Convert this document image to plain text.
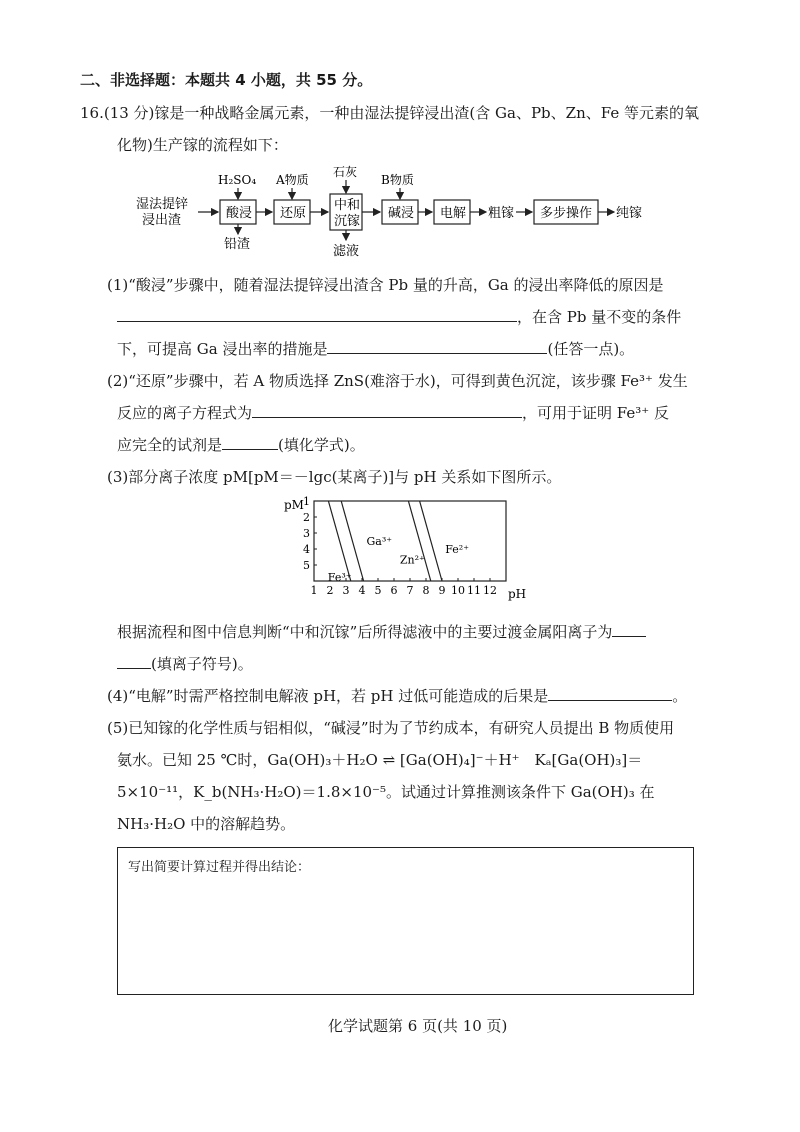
二、非选择题：本题共 4 小题，共 55 分。
16.(13 分)镓是一种战略金属元素，一种由湿法提锌浸出渣(含 Ga、Pb、Zn、Fe 等元素的氧
化物)生产镓的流程如下：
湿法提锌
浸出渣	酸浸
H₂SO₄
铅渣
还原
A物质
中和
沉镓
石灰
滤液
碱浸
B物质
电解 粗镓 多步操作 纯镓
(1)“酸浸”步骤中，随着湿法提锌浸出渣含 Pb 量的升高，Ga 的浸出率降低的原因是
，在含 Pb 量不变的条件
下，可提高 Ga 浸出率的措施是	(任答一点)。
(2)“还原”步骤中，若 A 物质选择 ZnS(难溶于水)，可得到黄色沉淀，该步骤 Fe³⁺ 发生
反应的离子方程式为	，可用于证明 Fe³⁺ 反
应完全的试剂是	(填化学式)。
(3)部分离子浓度 pM[pM＝－lgc(某离子)]与 pH 关系如下图所示。
pM
pH
1 2 3 4 5 6 7 8 9 10 11 12
1
2
3
4
5
Fe³⁺
Ga³⁺
Zn²⁺
Fe²⁺
根据流程和图中信息判断“中和沉镓”后所得滤液中的主要过渡金属阳离子为
(填离子符号)。
(4)“电解”时需严格控制电解液 pH，若 pH 过低可能造成的后果是	。
(5)已知镓的化学性质与铝相似，“碱浸”时为了节约成本，有研究人员提出 B 物质使用
氨水。已知 25 ℃时，Ga(OH)₃＋H₂O ⇌ [Ga(OH)₄]⁻＋H⁺　Kₐ[Ga(OH)₃]＝
5×10⁻¹¹，K_b(NH₃·H₂O)＝1.8×10⁻⁵。试通过计算推测该条件下 Ga(OH)₃ 在
NH₃·H₂O 中的溶解趋势。
写出简要计算过程并得出结论：
化学试题第 6 页(共 10 页)
